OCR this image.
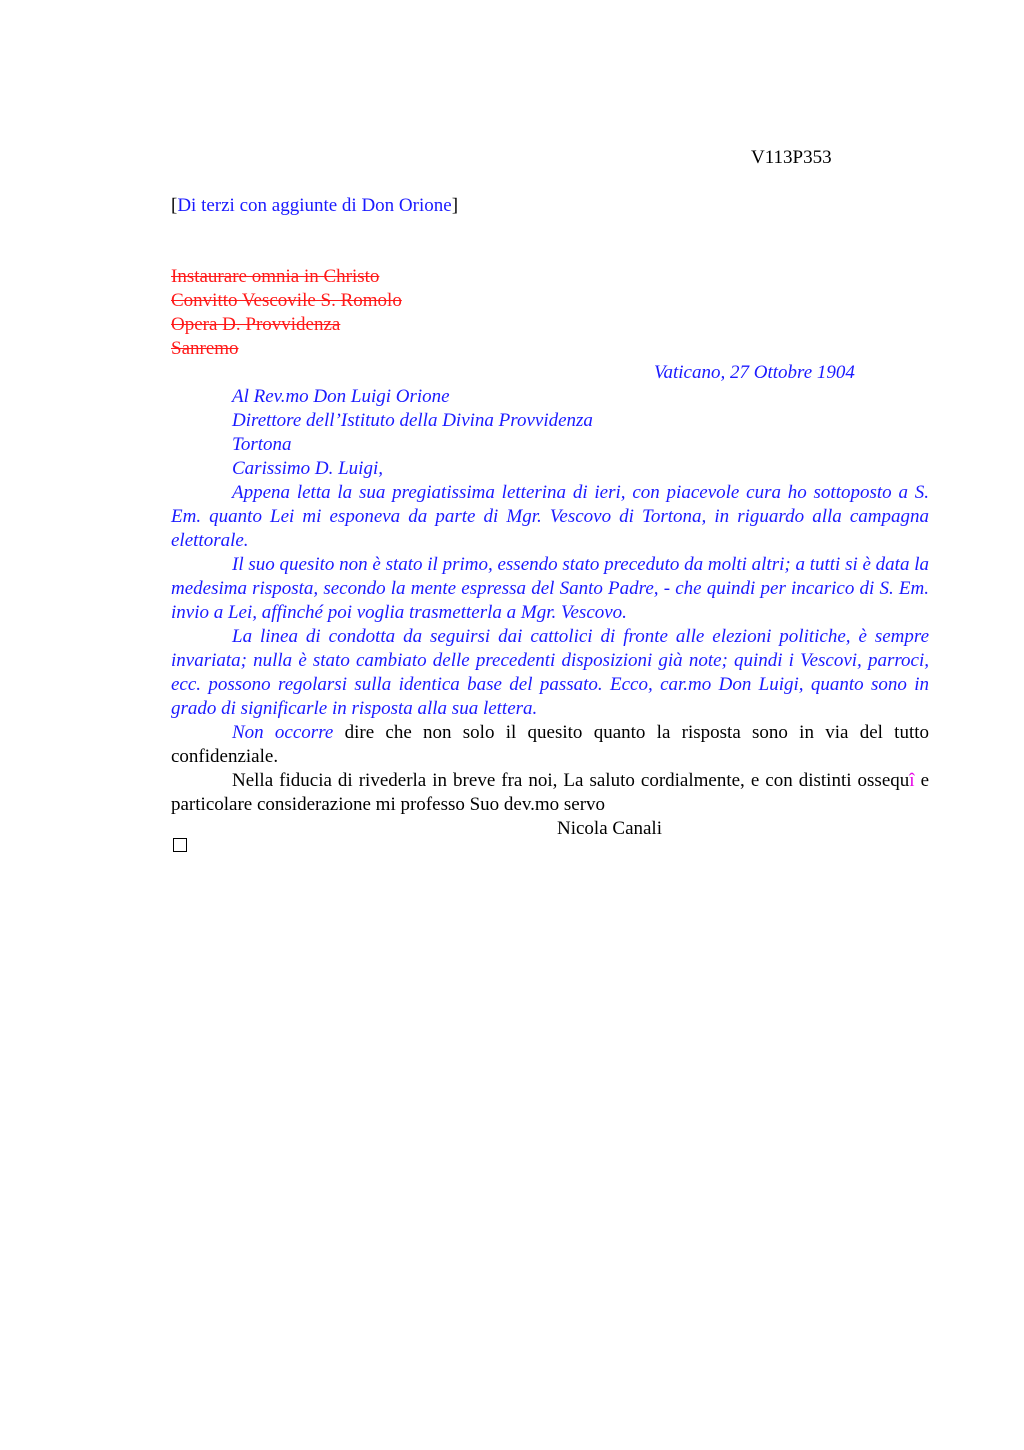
V113P353
[Di terzi con aggiunte di Don Orione]
Instaurare omnia in Christo
Convitto Vescovile S. Romolo
Opera D. Provvidenza
Sanremo
Vaticano, 27 Ottobre 1904
Al Rev.mo Don Luigi Orione
Direttore dell’Istituto della Divina Provvidenza
Tortona
Carissimo D. Luigi,

Appena letta la sua pregiatissima letterina di ieri, con piacevole cura ho sottoposto a S. Em. quanto Lei mi esponeva da parte di Mgr. Vescovo di Tortona, in riguardo alla campagna elettorale.

Il suo quesito non è stato il primo, essendo stato preceduto da molti altri; a tutti si è data la medesima risposta, secondo la mente espressa del Santo Padre, - che quindi per incarico di S. Em. invio a Lei, affinché poi voglia trasmetterla a Mgr. Vescovo.

La linea di condotta da seguirsi dai cattolici di fronte alle elezioni politiche, è sempre invariata; nulla è stato cambiato delle precedenti disposizioni già note; quindi i Vescovi, parroci, ecc. possono regolarsi sulla identica base del passato. Ecco, car.mo Don Luigi, quanto sono in grado di significarle in risposta alla sua lettera.

Non occorre dire che non solo il quesito quanto la risposta sono in via del tutto confidenziale.

Nella fiducia di rivederla in breve fra noi, La saluto cordialmente, e con distinti ossequî e particolare considerazione mi professo Suo dev.mo servo

Nicola Canali
